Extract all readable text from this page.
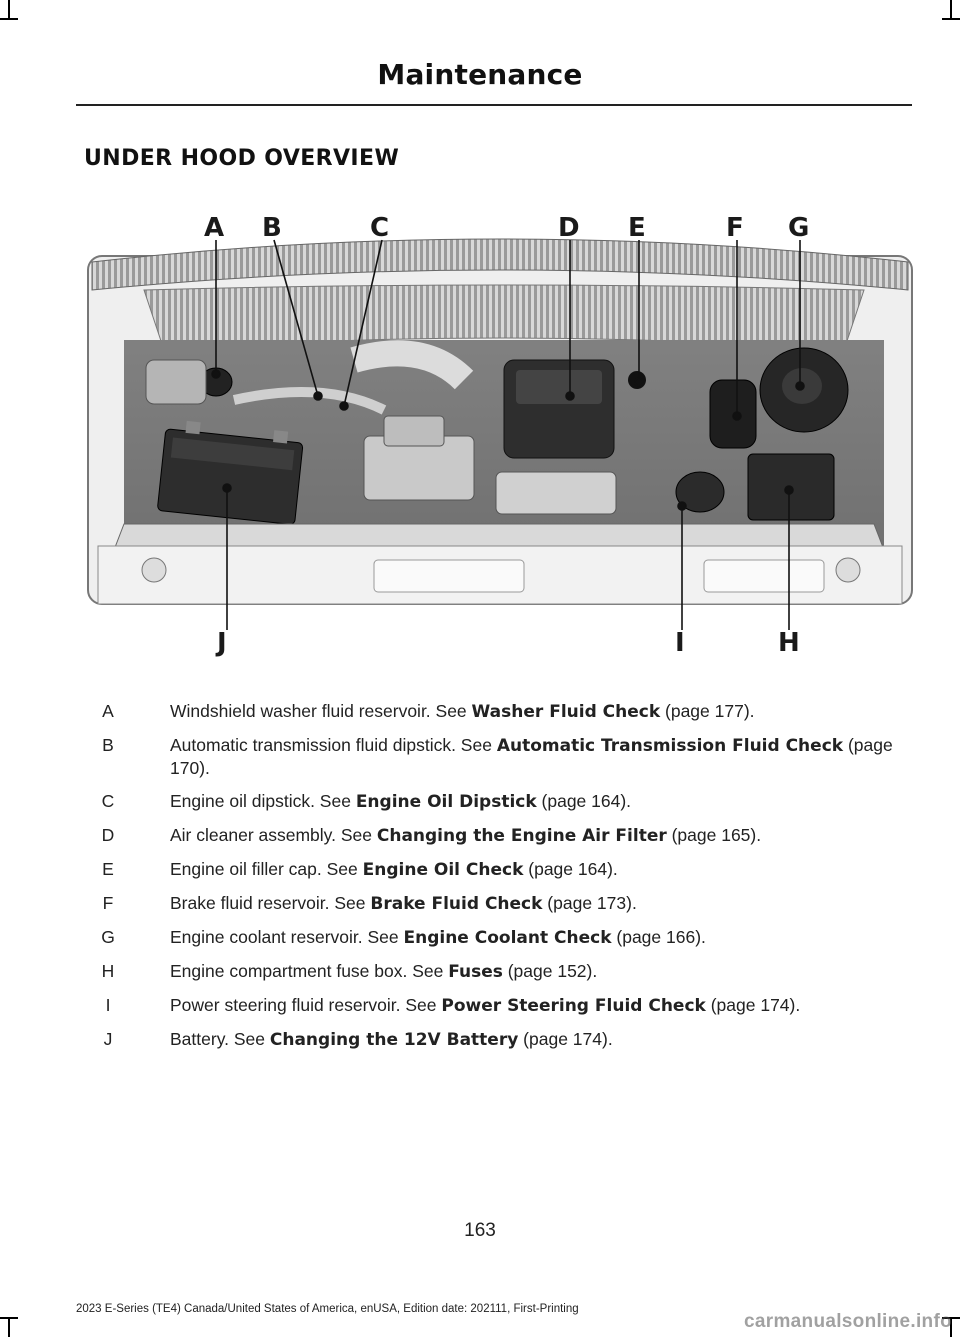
Maintenance
UNDER HOOD OVERVIEW
A B	C	D E	F G
J	I	H
A	Windshield washer fluid reservoir. See Washer Fluid Check (page 177).
B	Automatic transmission fluid dipstick. See Automatic Transmission Fluid Check (page 170).
C	Engine oil dipstick. See Engine Oil Dipstick (page 164).
D	Air cleaner assembly. See Changing the Engine Air Filter (page 165).
E	Engine oil filler cap. See Engine Oil Check (page 164).
F	Brake fluid reservoir. See Brake Fluid Check (page 173).
G	Engine coolant reservoir. See Engine Coolant Check (page 166).
H	Engine compartment fuse box. See Fuses (page 152).
I	Power steering fluid reservoir. See Power Steering Fluid Check (page 174).
J	Battery. See Changing the 12V Battery (page 174).
163
2023 E-Series (TE4) Canada/United States of America, enUSA, Edition date: 202111, First-Printing
carmanualsonline.info
